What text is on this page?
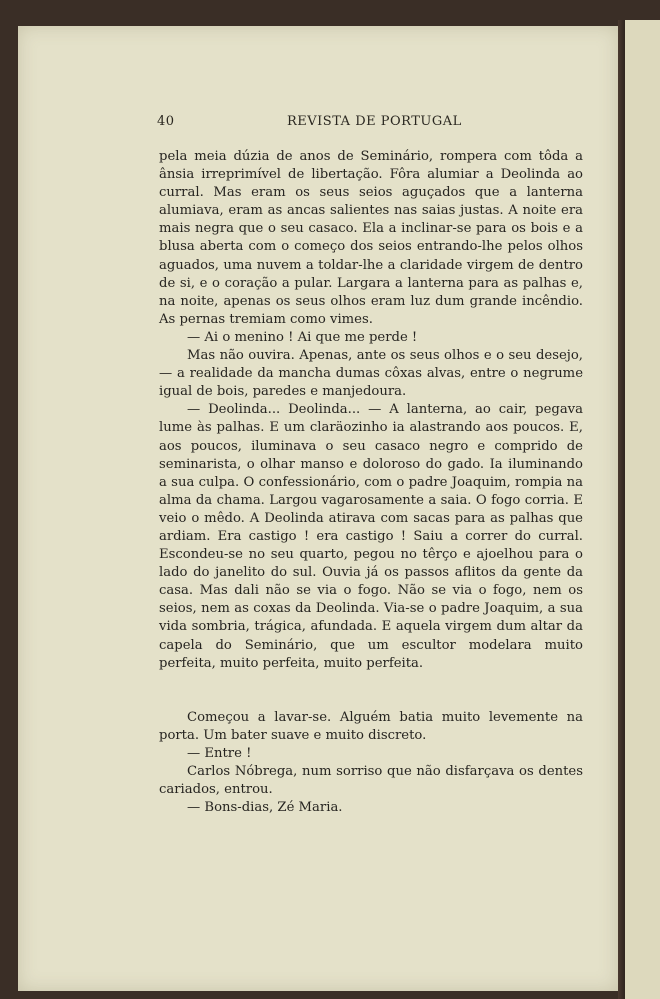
40	REVISTA DE PORTUGAL

pela meia dúzia de anos de Seminário, rompera com tôda a ânsia irreprimível de libertação. Fôra alumiar a Deolinda ao curral. Mas eram os seus seios aguçados que a lanterna alumiava, eram as ancas salientes nas saias justas. A noite era mais negra que o seu casaco. Ela a inclinar-se para os bois e a blusa aberta com o começo dos seios entrando-lhe pelos olhos aguados, uma nuvem a toldar-lhe a claridade virgem de dentro de si, e o coração a pular. Largara a lanterna para as palhas e, na noite, apenas os seus olhos eram luz dum grande incêndio. As pernas tremiam como vimes.

— Ai o menino ! Ai que me perde !

Mas não ouvira. Apenas, ante os seus olhos e o seu desejo, — a realidade da mancha dumas côxas alvas, entre o negrume igual de bois, paredes e manjedoura.

— Deolinda... Deolinda... — A lanterna, ao cair, pegava lume às palhas. E um claräozinho ia alastrando aos poucos. E, aos poucos, iluminava o seu casaco negro e comprido de seminarista, o olhar manso e doloroso do gado. Ia iluminando a sua culpa. O confessionário, com o padre Joaquim, rompia na alma da chama. Largou vagarosamente a saia. O fogo corria. E veio o mêdo. A Deolinda atirava com sacas para as palhas que ardiam. Era castigo ! era castigo ! Saiu a correr do curral. Escondeu-se no seu quarto, pegou no têrço e ajoelhou para o lado do janelito do sul. Ouvia já os passos aflitos da gente da casa. Mas dali não se via o fogo. Não se via o fogo, nem os seios, nem as coxas da Deolinda. Via-se o padre Joaquim, a sua vida sombria, trágica, afundada. E aquela virgem dum altar da capela do Seminário, que um escultor modelara muito perfeita, muito perfeita, muito perfeita.

Começou a lavar-se. Alguém batia muito levemente na porta. Um bater suave e muito discreto.

— Entre !

Carlos Nóbrega, num sorriso que não disfarçava os dentes cariados, entrou.

— Bons-dias, Zé Maria.
